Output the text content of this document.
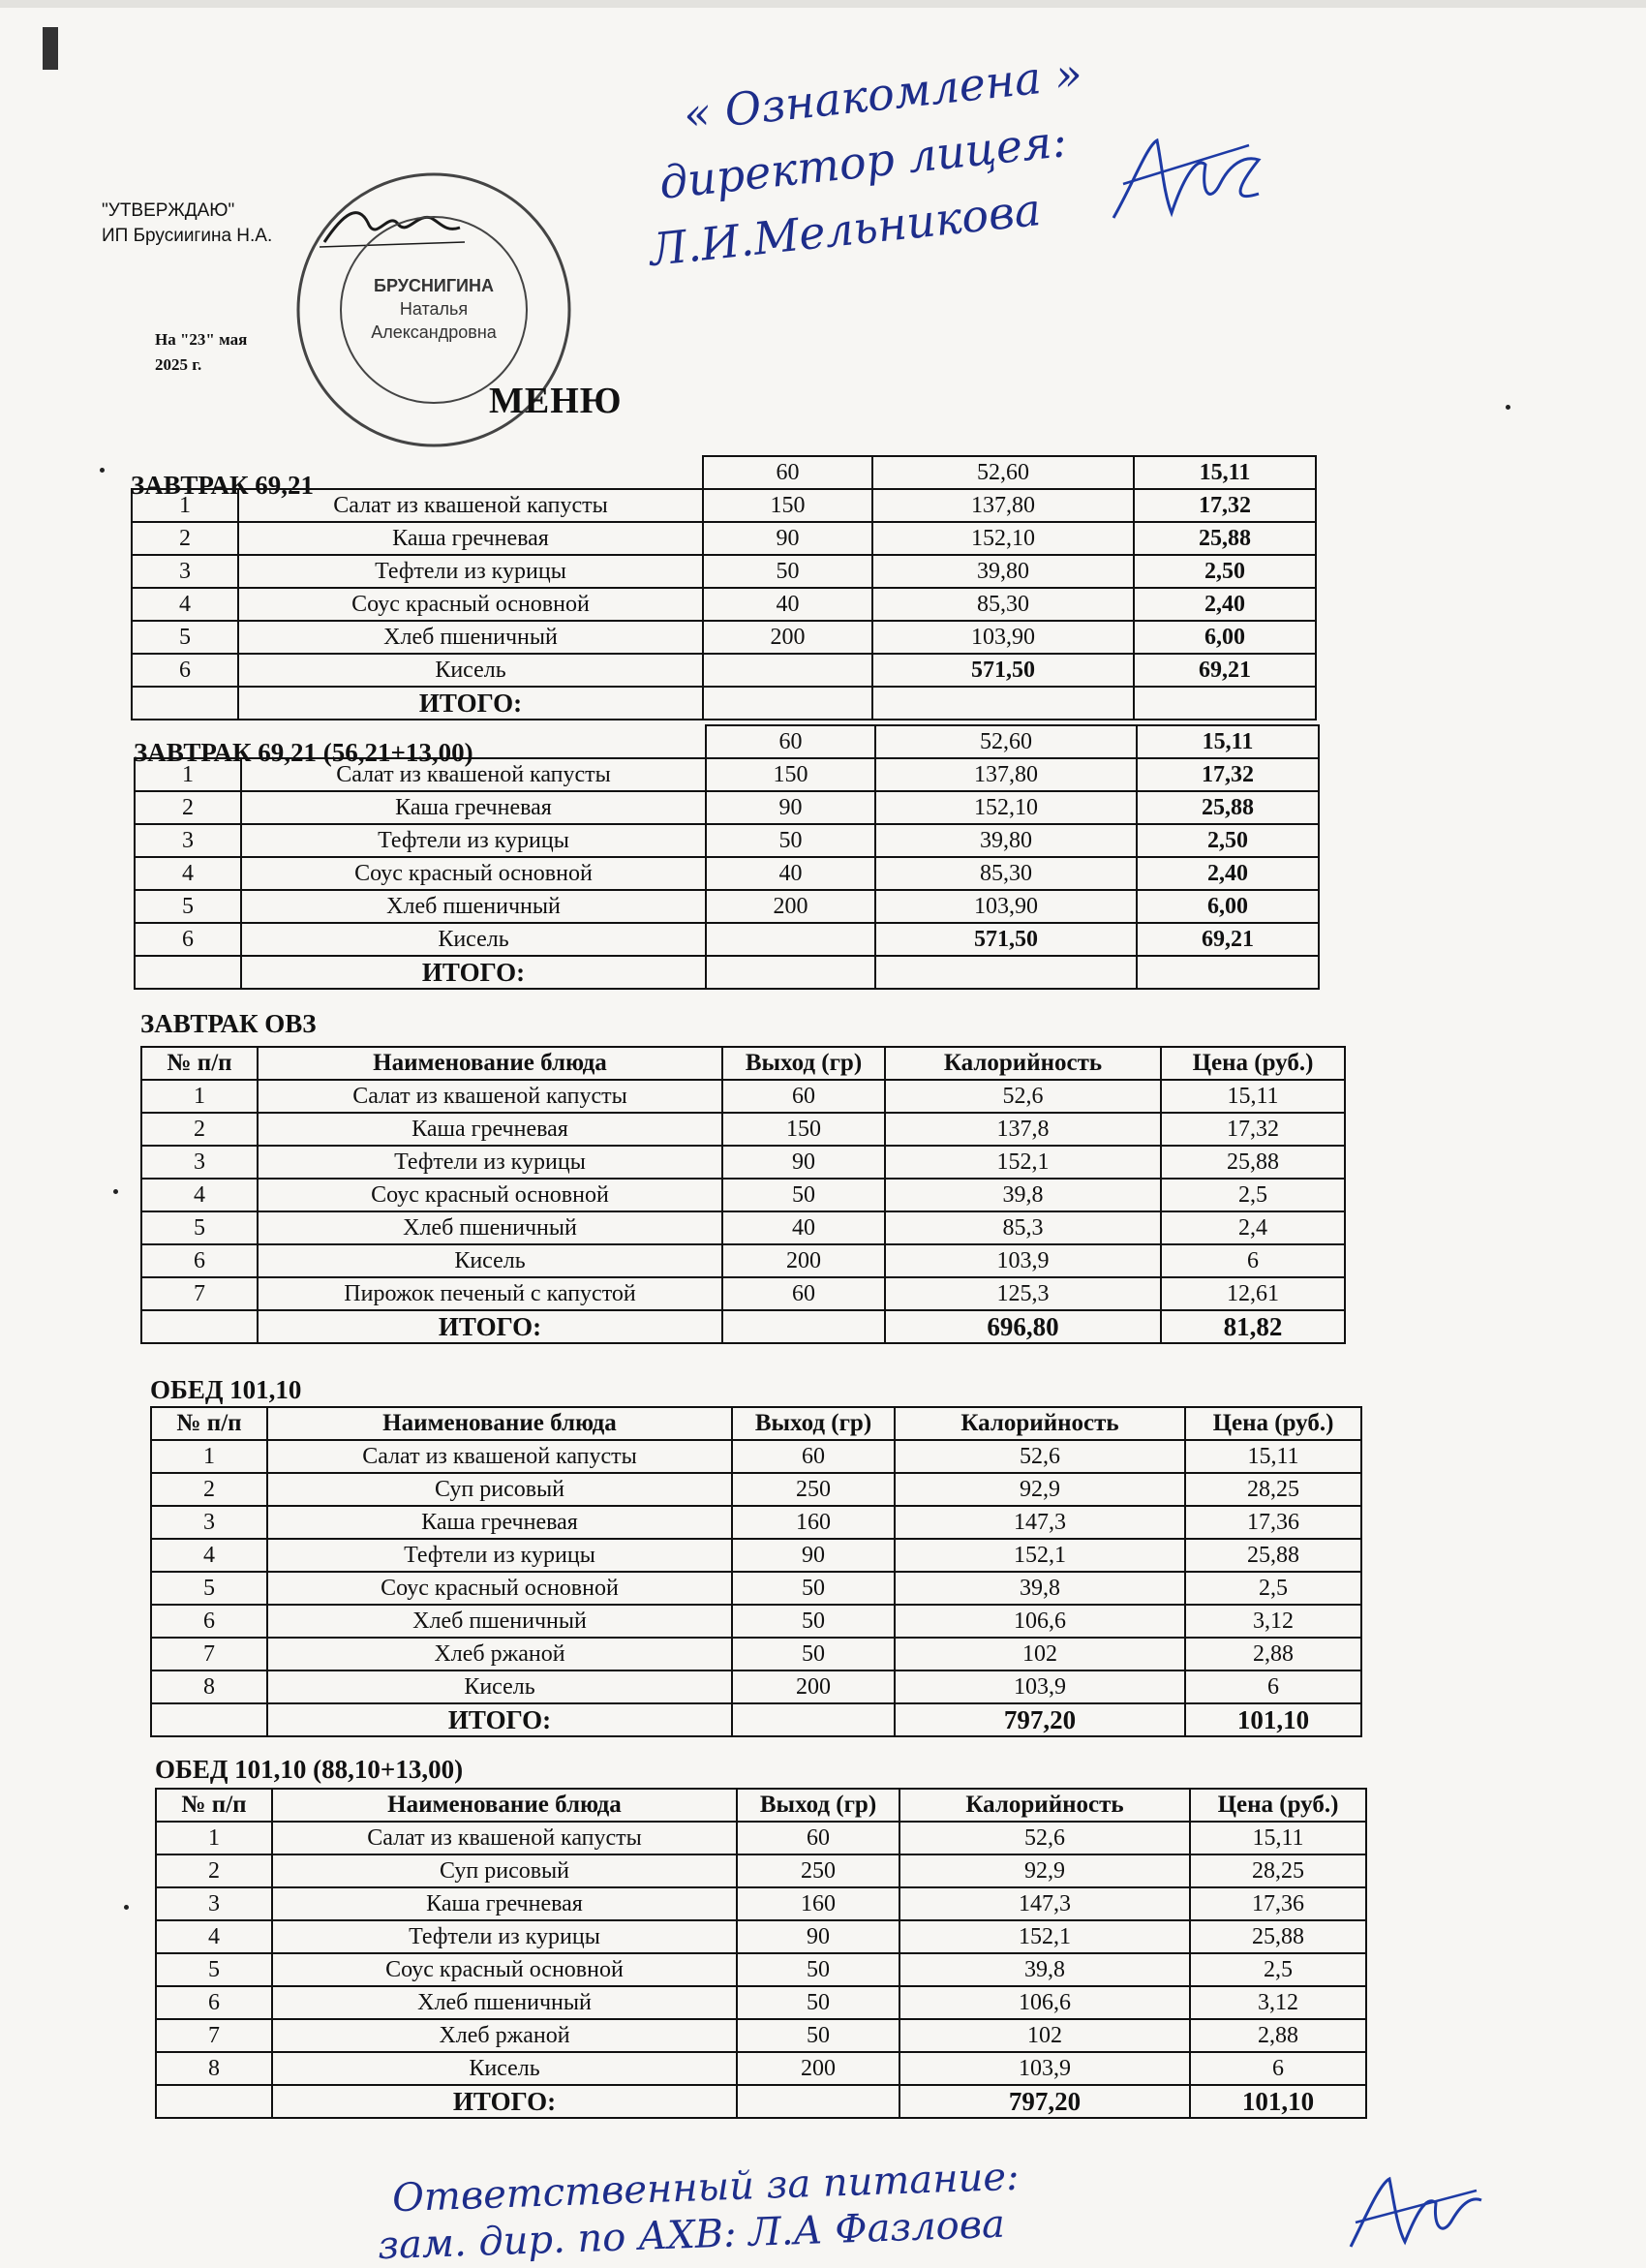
« Ознакомлена »
директор лицея:
Л.И.Мельникова
"УТВЕРЖДАЮ"
ИП Брусиигина Н.А.
На "23" мая 2025 г.
БРУСНИГИНА
Наталья
Александровна
МЕНЮ
ЗАВТРАК 69,21
		60	52,60	15,11
1	Салат из квашеной капусты	150	137,80	17,32
2	Каша гречневая	90	152,10	25,88
3	Тефтели из курицы	50	39,80	2,50
4	Соус красный основной	40	85,30	2,40
5	Хлеб пшеничный	200	103,90	6,00
6	Кисель		571,50	69,21
	ИТОГО:			
ЗАВТРАК 69,21 (56,21+13,00)
		60	52,60	15,11
1	Салат из квашеной капусты	150	137,80	17,32
2	Каша гречневая	90	152,10	25,88
3	Тефтели из курицы	50	39,80	2,50
4	Соус красный основной	40	85,30	2,40
5	Хлеб пшеничный	200	103,90	6,00
6	Кисель		571,50	69,21
	ИТОГО:			
ЗАВТРАК ОВЗ
№ п/п	Наименование блюда	Выход (гр)	Калорийность	Цена (руб.)
1	Салат из квашеной капусты	60	52,6	15,11
2	Каша гречневая	150	137,8	17,32
3	Тефтели из курицы	90	152,1	25,88
4	Соус красный основной	50	39,8	2,5
5	Хлеб пшеничный	40	85,3	2,4
6	Кисель	200	103,9	6
7	Пирожок печеный с капустой	60	125,3	12,61
	ИТОГО:		696,80	81,82
ОБЕД 101,10
№ п/п	Наименование блюда	Выход (гр)	Калорийность	Цена (руб.)
1	Салат из квашеной капусты	60	52,6	15,11
2	Суп рисовый	250	92,9	28,25
3	Каша гречневая	160	147,3	17,36
4	Тефтели из курицы	90	152,1	25,88
5	Соус красный основной	50	39,8	2,5
6	Хлеб пшеничный	50	106,6	3,12
7	Хлеб ржаной	50	102	2,88
8	Кисель	200	103,9	6
	ИТОГО:		797,20	101,10
ОБЕД 101,10 (88,10+13,00)
№ п/п	Наименование блюда	Выход (гр)	Калорийность	Цена (руб.)
1	Салат из квашеной капусты	60	52,6	15,11
2	Суп рисовый	250	92,9	28,25
3	Каша гречневая	160	147,3	17,36
4	Тефтели из курицы	90	152,1	25,88
5	Соус красный основной	50	39,8	2,5
6	Хлеб пшеничный	50	106,6	3,12
7	Хлеб ржаной	50	102	2,88
8	Кисель	200	103,9	6
	ИТОГО:		797,20	101,10
Ответственный за питание:
зам. дир. по АХВ: Л.А Фазлова
